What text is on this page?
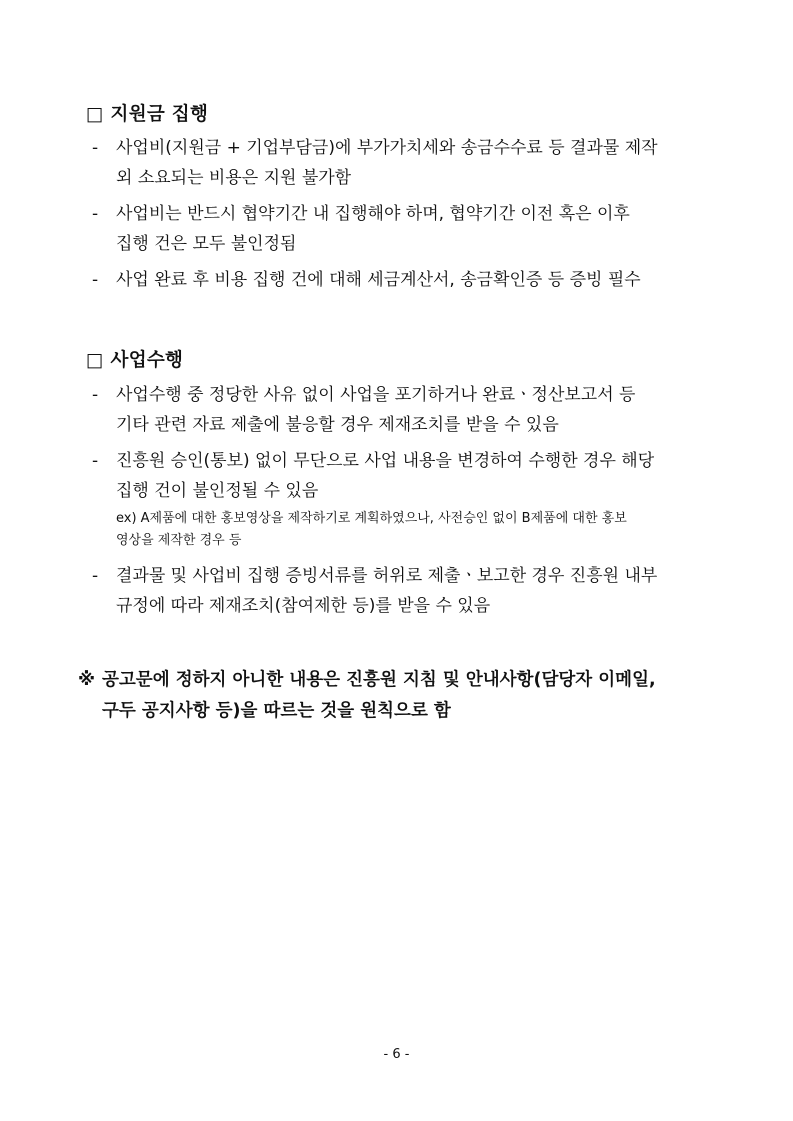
□ 지원금 집행
- 사업비(지원금 + 기업부담금)에 부가가치세와 송금수수료 등 결과물 제작
외 소요되는 비용은 지원 불가함
- 사업비는 반드시 협약기간 내 집행해야 하며, 협약기간 이전 혹은 이후
집행 건은 모두 불인정됨
- 사업 완료 후 비용 집행 건에 대해 세금계산서, 송금확인증 등 증빙 필수
□ 사업수행
- 사업수행 중 정당한 사유 없이 사업을 포기하거나 완료ㆍ정산보고서 등
기타 관련 자료 제출에 불응할 경우 제재조치를 받을 수 있음
- 진흥원 승인(통보) 없이 무단으로 사업 내용을 변경하여 수행한 경우 해당
집행 건이 불인정될 수 있음
ex) A제품에 대한 홍보영상을 제작하기로 계획하였으나, 사전승인 없이 B제품에 대한 홍보
영상을 제작한 경우 등
- 결과물 및 사업비 집행 증빙서류를 허위로 제출ㆍ보고한 경우 진흥원 내부
규정에 따라 제재조치(참여제한 등)를 받을 수 있음
※ 공고문에 정하지 아니한 내용은 진흥원 지침 및 안내사항(담당자 이메일,
구두 공지사항 등)을 따르는 것을 원칙으로 함
- 6 -
